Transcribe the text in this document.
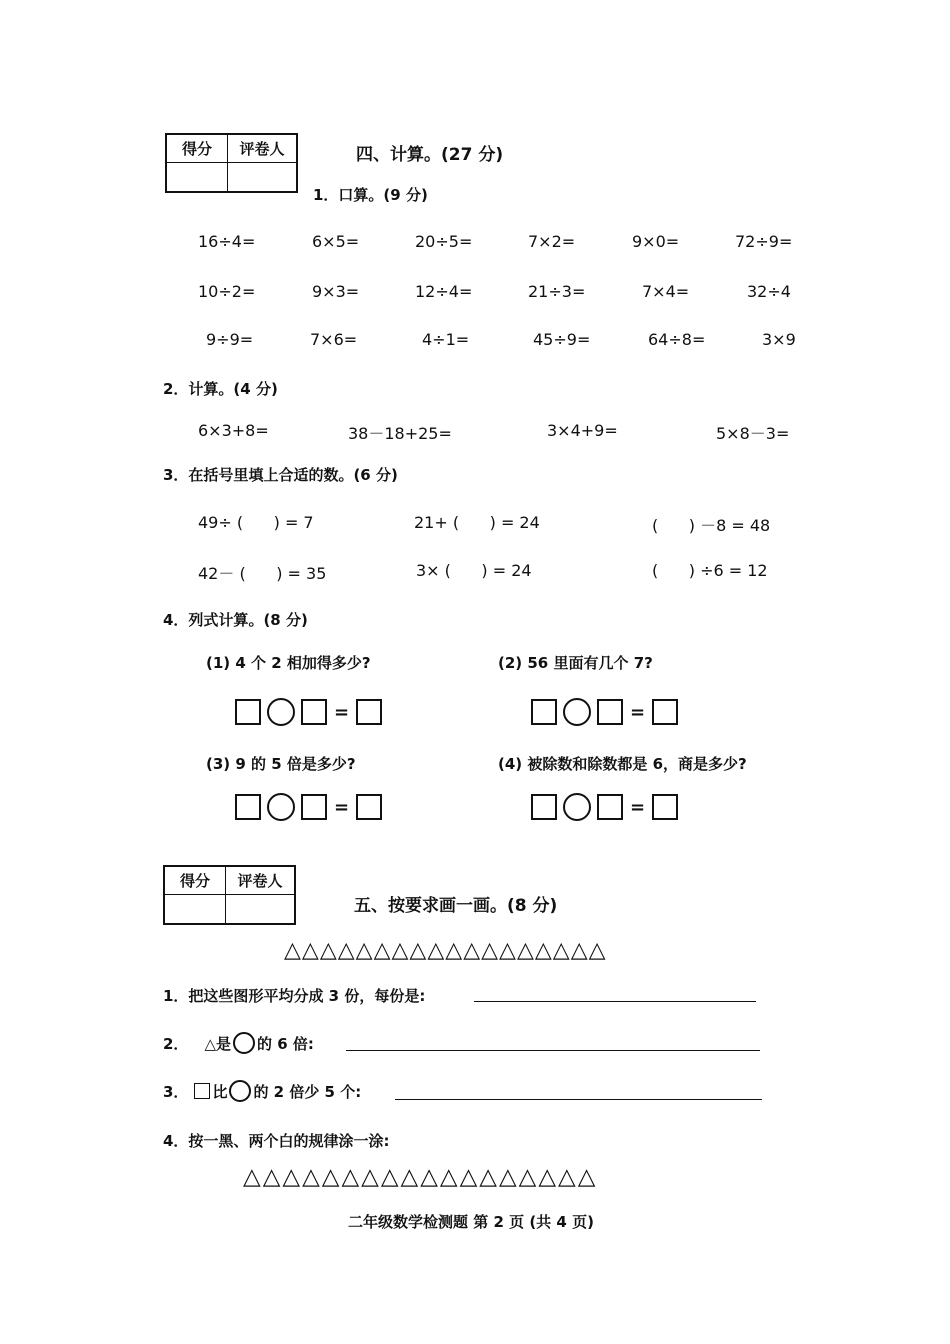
得分	评卷人
		四、计算。(27 分)
1．口算。(9 分)
16÷4=	6×5=	20÷5=	7×2=	9×0=	72÷9=
10÷2=	9×3=	12÷4=	21÷3=	7×4=	32÷4
9÷9=	7×6=	4÷1=	45÷9=	64÷8=	3×9
2．计算。(4 分)
6×3+8=	38－18+25=	3×4+9=	5×8－3=
3．在括号里填上合适的数。(6 分)
49÷ (      ) = 7	21+ (      ) = 24	(      ) －8 = 48
42－ (      ) = 35	3× (      ) = 24	(      ) ÷6 = 12
4．列式计算。(8 分)
(1) 4 个 2 相加得多少?	(2) 56 里面有几个 7?
=	=
(3) 9 的 5 倍是多少?	(4) 被除数和除数都是 6，商是多少?
=	=
得分	评卷人

五、按要求画一画。(8 分)
△△△△△△△△△△△△△△△△△△
1．把这些图形平均分成 3 份，每份是:
2． △是 的 6 倍:
3． 比 的 2 倍少 5 个:
4．按一黑、两个白的规律涂一涂:
△△△△△△△△△△△△△△△△△△
二年级数学检测题 第 2 页 (共 4 页)
